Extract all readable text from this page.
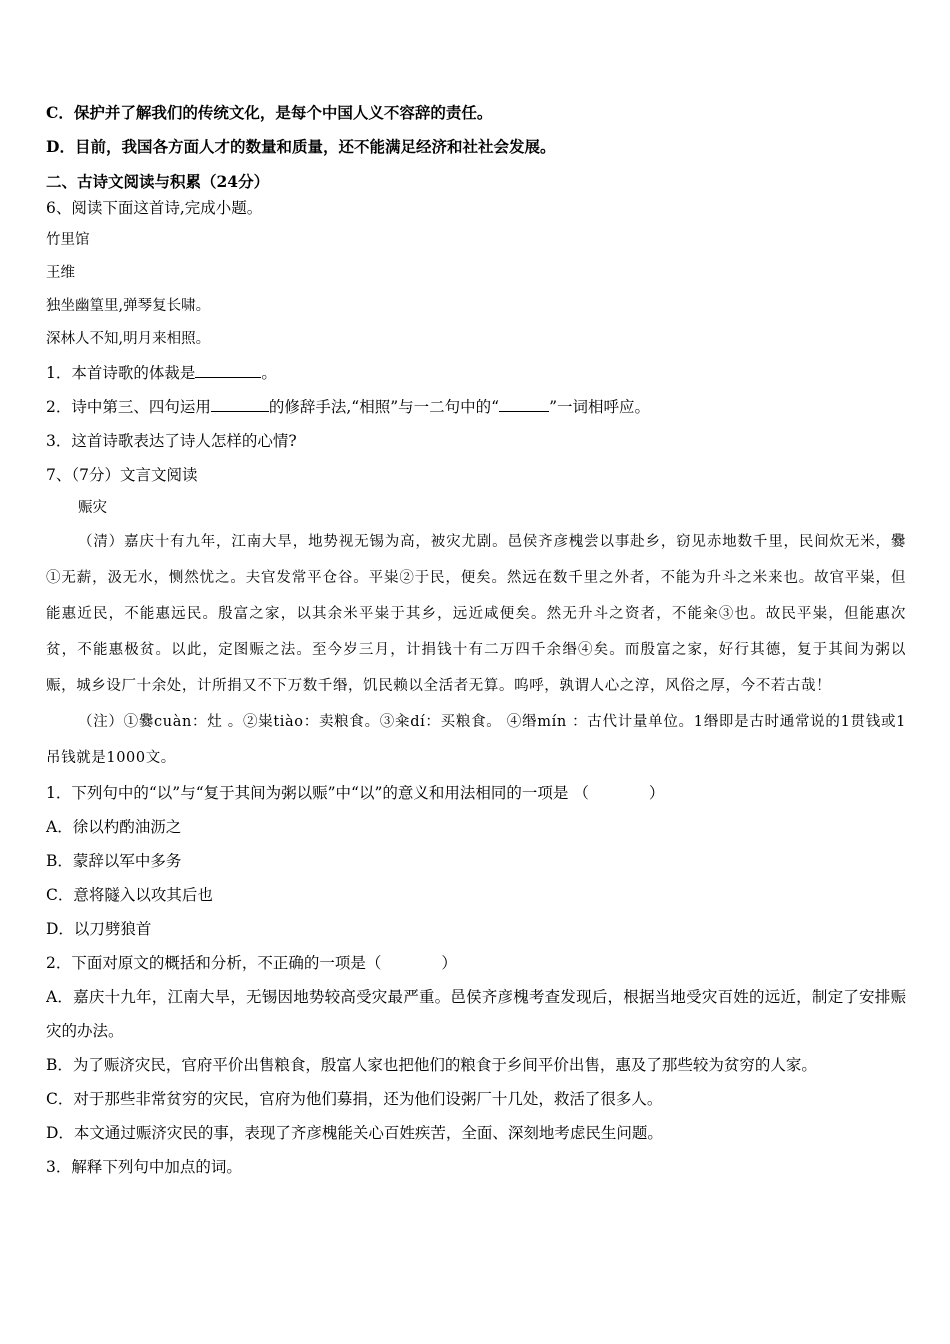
C．保护并了解我们的传统文化，是每个中国人义不容辞的责任。
D．目前，我国各方面人才的数量和质量，还不能满足经济和社社会发展。
二、古诗文阅读与积累（24分）
6、阅读下面这首诗,完成小题。
竹里馆
王维
独坐幽篁里,弹琴复长啸。
深林人不知,明月来相照。
1．本首诗歌的体裁是	。
2．诗中第三、四句运用	的修辞手法,“相照”与一二句中的“	”一词相呼应。
3．这首诗歌表达了诗人怎样的心情?
7、（7分）文言文阅读
赈灾
（清）嘉庆十有九年，江南大旱，地势视无锡为高，被灾尤剧。邑侯齐彦槐尝以事赴乡，窃见赤地数千里，民间炊无米，爨①无薪，汲无水，恻然忧之。夫官发常平仓谷。平粜②于民，便矣。然远在数千里之外者，不能为升斗之米来也。故官平粜，但能惠近民，不能惠远民。殷富之家，以其余米平粜于其乡，远近咸便矣。然无升斗之资者，不能籴③也。故民平粜，但能惠次贫，不能惠极贫。以此，定图赈之法。至今岁三月，计捐钱十有二万四千余缗④矣。而殷富之家，好行其德，复于其间为粥以赈，城乡设厂十余处，计所捐又不下万数千缗，饥民赖以全活者无算。呜呼，孰谓人心之淳，风俗之厚，今不若古哉！
（注）①爨cuàn：灶 。②粜tiào：卖粮食。③籴dí：买粮食。 ④缗mín ：古代计量单位。1缗即是古时通常说的1贯钱或1吊钱就是1000文。
1．下列句中的“以”与“复于其间为粥以赈”中“以”的意义和用法相同的一项是 （	）
A．徐以杓酌油沥之
B．蒙辞以军中多务
C．意将隧入以攻其后也
D．以刀劈狼首
2．下面对原文的概括和分析，不正确的一项是（	）
A．嘉庆十九年，江南大旱，无锡因地势较高受灾最严重。邑侯齐彦槐考查发现后，根据当地受灾百姓的远近，制定了安排赈灾的办法。
B．为了赈济灾民，官府平价出售粮食，殷富人家也把他们的粮食于乡间平价出售，惠及了那些较为贫穷的人家。
C．对于那些非常贫穷的灾民，官府为他们募捐，还为他们设粥厂十几处，救活了很多人。
D．本文通过赈济灾民的事，表现了齐彦槐能关心百姓疾苦，全面、深刻地考虑民生问题。
3．解释下列句中加点的词。
